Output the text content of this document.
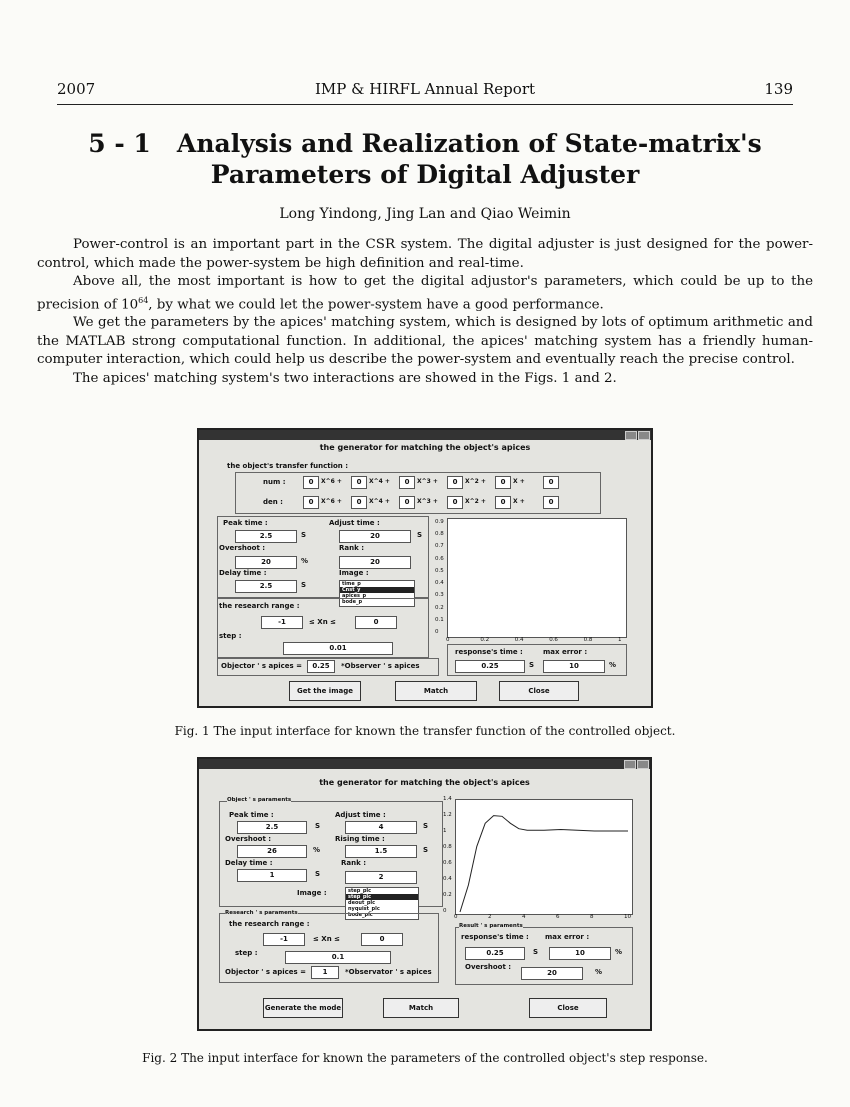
2007	IMP & HIRFL Annual Report	139
5 - 1 Analysis and Realization of State-matrix's
Parameters of Digital Adjuster
Long Yindong, Jing Lan and Qiao Weimin

Power-control is an important part in the CSR system. The digital adjuster is just designed for the power-control, which made the power-system be high definition and real-time.

Above all, the most important is how to get the digital adjustor's parameters, which could be up to the precision of $10^{64}$, by what we could let the power-system have a good performance.

We get the parameters by the apices' matching system, which is designed by lots of optimum arithmetic and the MATLAB strong computational function. In additional, the apices' matching system has a friendly human-computer interaction, which could help us describe the power-system and eventually reach the precise control.

The apices' matching system's two interactions are showed in the Figs. 1 and 2.

the generator for matching the object's apices
the object's transfer function :
num :
den :
0	X^6 +	0	X^4 +	0	X^3 +	0	X^2 +	0	X +	0
0	X^6 +	0	X^4 +	0	X^3 +	0	X^2 +	0	X +	0
Peak time :
2.5	S
Adjust time :
20	S
Overshoot :
20	%
Rank :
20
Delay time :
2.5	S
Image :
time_p
Cnst_y
apices_p
bode_p
the research range :
-1	≤ Xn ≤	0
step :
0.01
Objector ' s apices =	0.25	*Observer ' s apices
0.9
0.8
0.7
0.6
0.5
0.4
0.3
0.2
0.1
0
0	0.2	0.4	0.6	0.8	1
response's time :	max error :
0.25	S	10	%
Get the image	Match	Close
Fig. 1 The input interface for known the transfer function of the controlled object.
the generator for matching the object's apices
Object ' s paraments
Peak time :
2.5	S
Adjust time :
4	S
Overshoot :
26	%
Rising time :
1.5	S
Delay time :
1	S
Rank :
2
Image :	step_plc
step_plc
deout_plc
nyquist_plc
bode_plc
Research ' s paraments
the research range :
-1	≤ Xn ≤	0
step :	0.1
Objector ' s apices =	1	*Observator ' s apices
1.4
1.2
1
0.8
0.6
0.4
0.2
0
0	2	4	6	8	10
Result ' s paraments
response's time : max error :
0.25	S	10	%
Overshoot :
20	%
Generate the mode	Match	Close
Fig. 2 The input interface for known the parameters of the controlled object's step response.
